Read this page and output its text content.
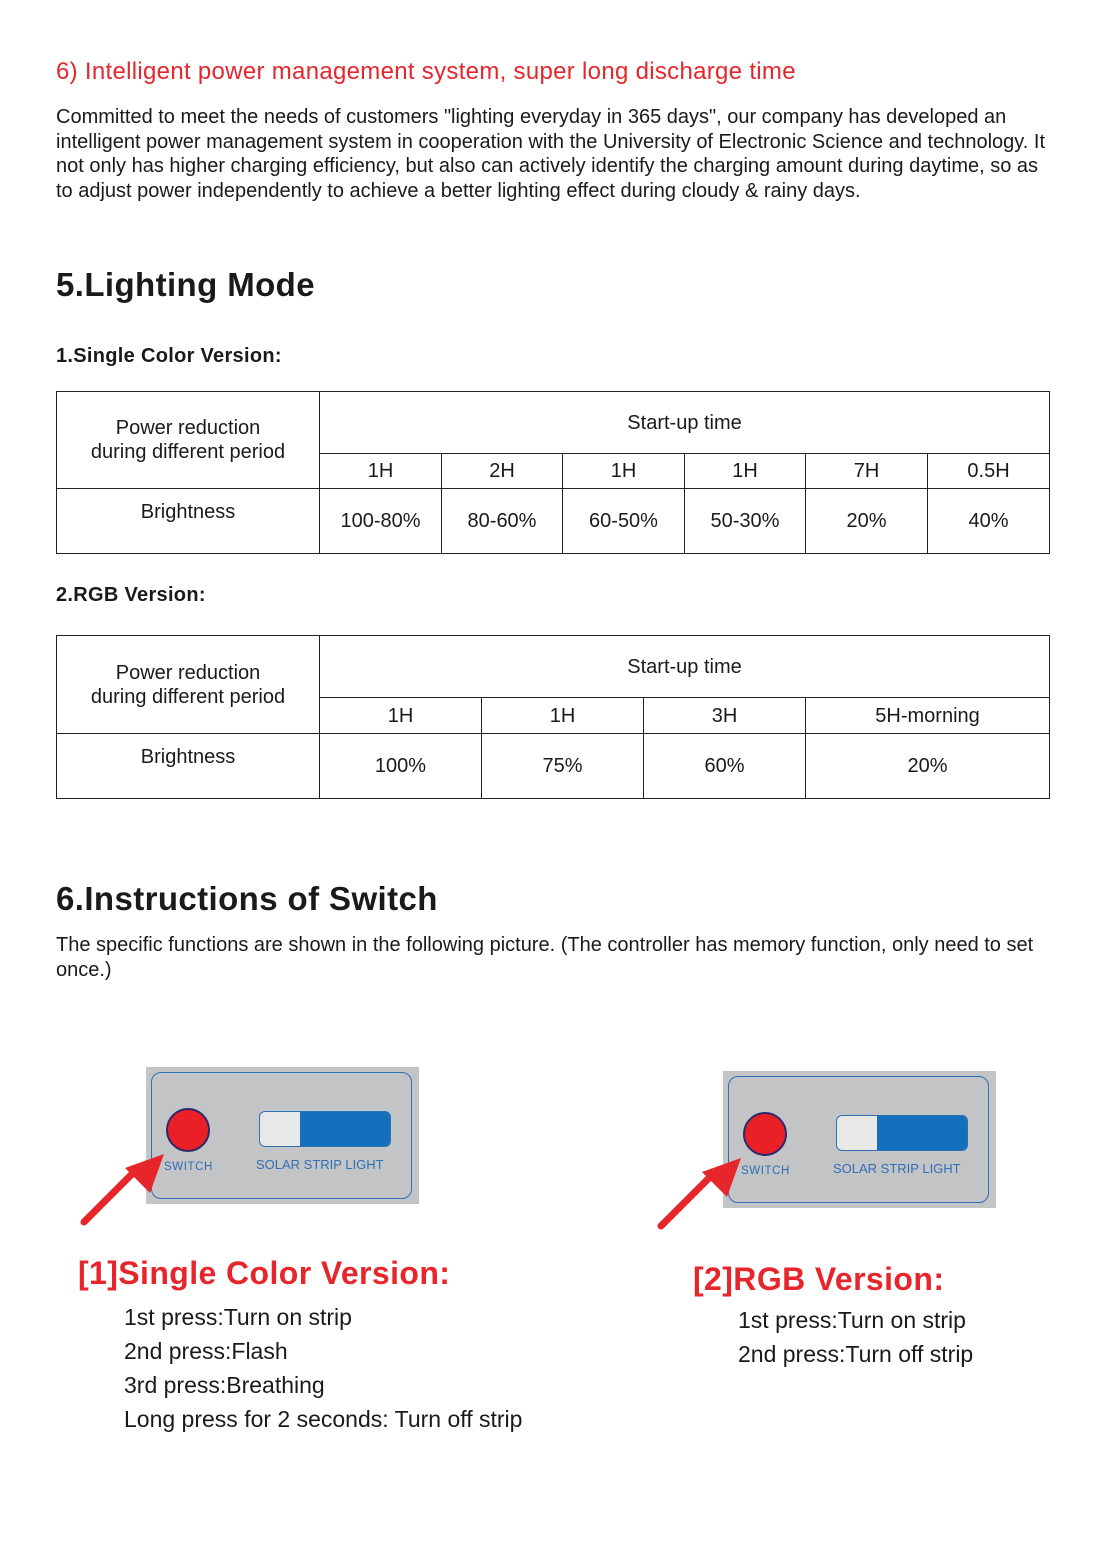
6) Intelligent power management system, super long discharge time
Committed to meet the needs of customers "lighting everyday in 365 days", our company has developed an intelligent power management system in cooperation with the University of Electronic Science and technology. It not only has higher charging efficiency, but also can actively identify the charging amount during daytime, so as to adjust power independently to achieve a better lighting effect during cloudy & rainy days.
5.Lighting Mode
1.Single Color Version:
Power reduction
during different period	Start-up time					
	1H	2H	1H	1H	7H	0.5H
Brightness	100-80%	80-60%	60-50%	50-30%	20%	40%
2.RGB Version:
Power reduction
during different period	Start-up time			
	1H	1H	3H	5H-morning
Brightness	100%	75%	60%	20%
6.Instructions of Switch
The specific functions are shown in the following picture. (The controller has memory function, only need to set once.)
SWITCH	SOLAR STRIP LIGHT	SWITCH	SOLAR STRIP LIGHT
[1]Single Color Version:
1st press:Turn on strip
2nd press:Flash
3rd press:Breathing
Long press for 2 seconds: Turn off strip
[2]RGB Version:
1st press:Turn on strip
2nd press:Turn off strip
